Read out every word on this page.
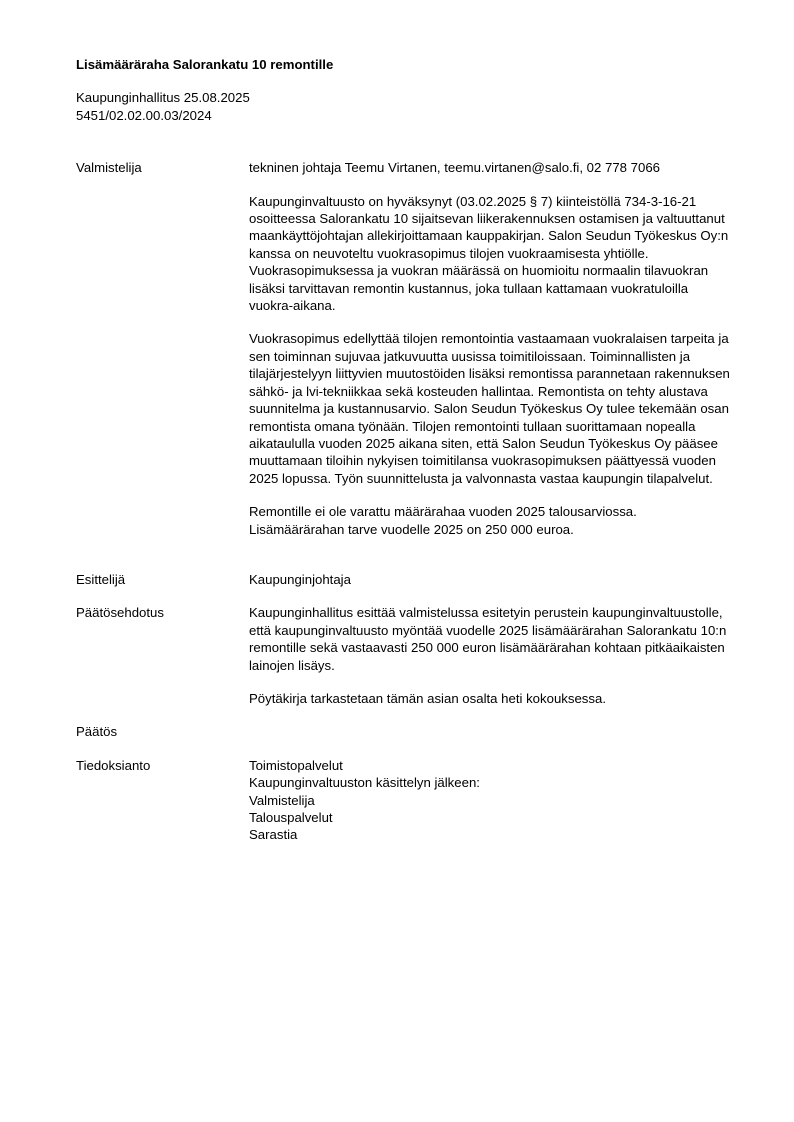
Lisämääräraha Salorankatu 10 remontille

Kaupunginhallitus 25.08.2025

5451/02.02.00.03/2024

Valmistelija	tekninen johtaja Teemu Virtanen, teemu.virtanen@salo.fi, 02 778 7066

Kaupunginvaltuusto on hyväksynyt (03.02.2025 § 7) kiinteistöllä 734-3-16-21 osoitteessa Salorankatu 10 sijaitsevan liikerakennuksen ostamisen ja valtuuttanut maankäyttöjohtajan allekirjoittamaan kauppakirjan. Salon Seudun Työkeskus Oy:n kanssa on neuvoteltu vuokrasopimus tilojen vuokraamisesta yhtiölle. Vuokrasopimuksessa ja vuokran määrässä on huomioitu normaalin tilavuokran lisäksi tarvittavan remontin kustannus, joka tullaan kattamaan vuokratuloilla vuokra-aikana.

Vuokrasopimus edellyttää tilojen remontointia vastaamaan vuokralaisen tarpeita ja sen toiminnan sujuvaa jatkuvuutta uusissa toimitiloissaan. Toiminnallisten ja tilajärjestelyyn liittyvien muutostöiden lisäksi remontissa parannetaan rakennuksen sähkö- ja lvi-tekniikkaa sekä kosteuden hallintaa. Remontista on tehty alustava suunnitelma ja kustannusarvio. Salon Seudun Työkeskus Oy tulee tekemään osan remontista omana työnään. Tilojen remontointi tullaan suorittamaan nopealla aikataululla vuoden 2025 aikana siten, että Salon Seudun Työkeskus Oy pääsee muuttamaan tiloihin nykyisen toimitilansa vuokrasopimuksen päättyessä vuoden 2025 lopussa. Työn suunnittelusta ja valvonnasta vastaa kaupungin tilapalvelut.

Remontille ei ole varattu määrärahaa vuoden 2025 talousarviossa. Lisämäärärahan tarve vuodelle 2025 on 250 000 euroa.

Esittelijä	Kaupunginjohtaja

Päätösehdotus	Kaupunginhallitus esittää valmistelussa esitetyin perustein kaupunginvaltuustolle, että kaupunginvaltuusto myöntää vuodelle 2025 lisämäärärahan Salorankatu 10:n remontille sekä vastaavasti 250 000 euron lisämäärärahan kohtaan pitkäaikaisten lainojen lisäys.

Pöytäkirja tarkastetaan tämän asian osalta heti kokouksessa.

Päätös
Tiedoksianto	Toimistopalvelut
Kaupunginvaltuuston käsittelyn jälkeen:
Valmistelija
Talouspalvelut
Sarastia
